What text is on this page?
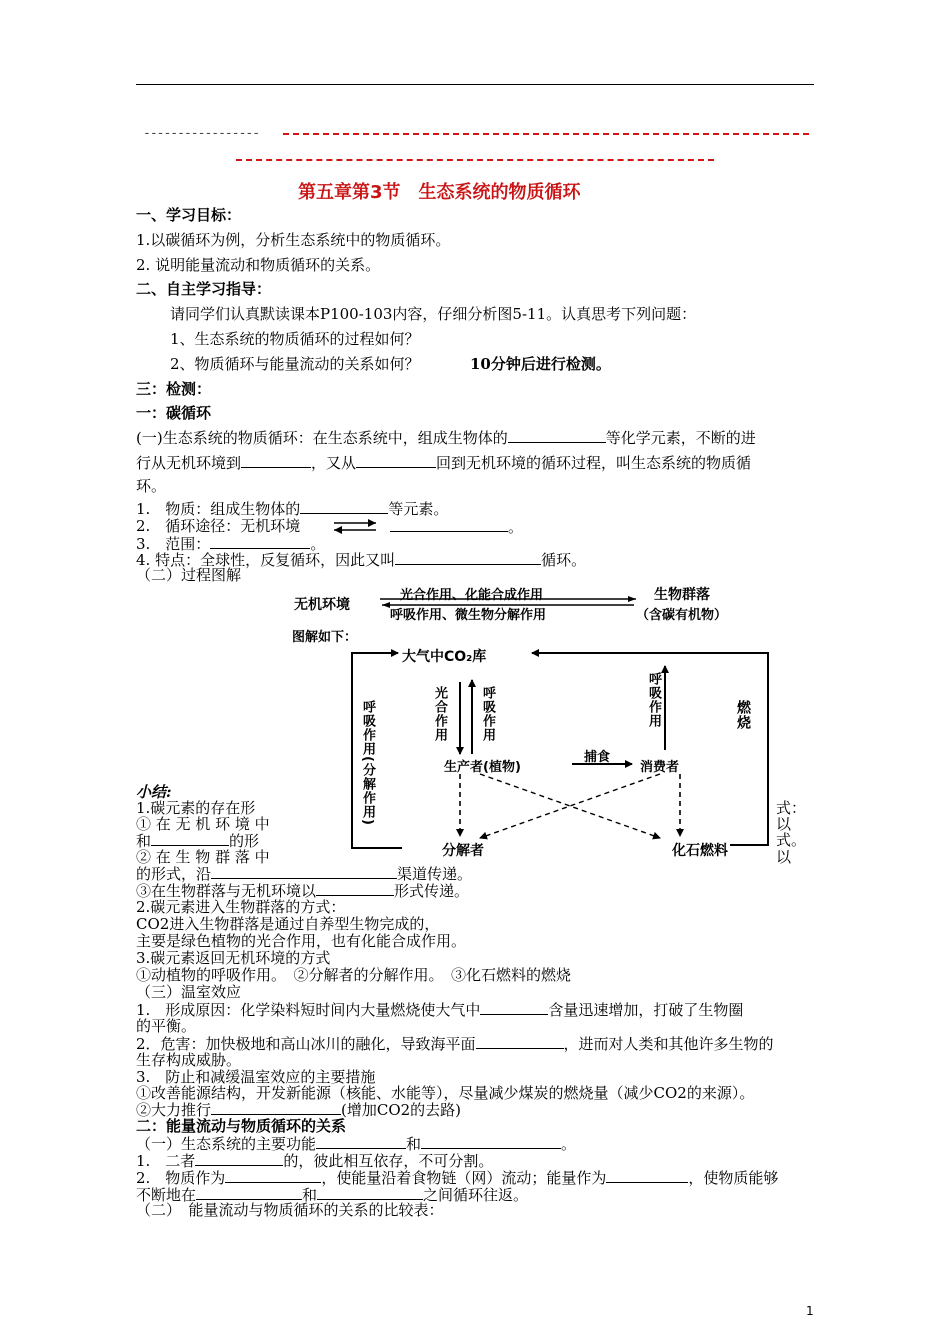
-----------------
第五章第3节　生态系统的物质循环
一、学习目标：
1.以碳循环为例，分析生态系统中的物质循环。
2. 说明能量流动和物质循环的关系。
二、自主学习指导：
请同学们认真默读课本P100-103内容，仔细分析图5-11。认真思考下列问题：
1、生态系统的物质循环的过程如何？
2、物质循环与能量流动的关系如何？	10分钟后进行检测。
三：检测：
一：碳循环
(一)生态系统的物质循环：在生态系统中，组成生物体的	等化学元素，不断的进
行从无机环境到	，又从	回到无机环境的循环过程，叫生态系统的物质循
环。
1.　物质：组成生物体的	等元素。
2.　循环途径：无机环境	。
3.　范围：	。
4. 特点：全球性，反复循环，因此又叫	循环。
（二）过程图解
无机环境
光合作用、化能合成作用
呼吸作用、微生物分解作用
生物群落
（含碳有机物）
图解如下：
大气中CO₂库
光合作用	呼吸作用	呼吸作用
呼吸作用(分解作用)	燃烧
生产者(植物)
捕食
消费者
分解者	化石燃料
小结:
1.碳元素的存在形	式：
① 在 无 机 环 境 中	以
和	的形	式。
② 在 生 物 群 落 中	以
的形式，沿	渠道传递。
③在生物群落与无机环境以	形式传递。
2.碳元素进入生物群落的方式：
CO2进入生物群落是通过自养型生物完成的，
主要是绿色植物的光合作用，也有化能合成作用。
3.碳元素返回无机环境的方式
①动植物的呼吸作用。　②分解者的分解作用。　③化石燃料的燃烧
（三）温室效应
1.　形成原因：化学染料短时间内大量燃烧使大气中	含量迅速增加，打破了生物圈
的平衡。
2．危害：加快极地和高山冰川的融化，导致海平面	，进而对人类和其他许多生物的
生存构成威胁。
3.　防止和减缓温室效应的主要措施
①改善能源结构，开发新能源（核能、水能等），尽量减少煤炭的燃烧量（减少CO2的来源）。
②大力推行	(增加CO2的去路)
二：能量流动与物质循环的关系
（一）生态系统的主要功能	和	。
1.　二者	的，彼此相互依存，不可分割。
2.　物质作为	，使能量沿着食物链（网）流动；能量作为	，使物质能够
不断地在	和	之间循环往返。
（二）　能量流动与物质循环的关系的比较表：
1
